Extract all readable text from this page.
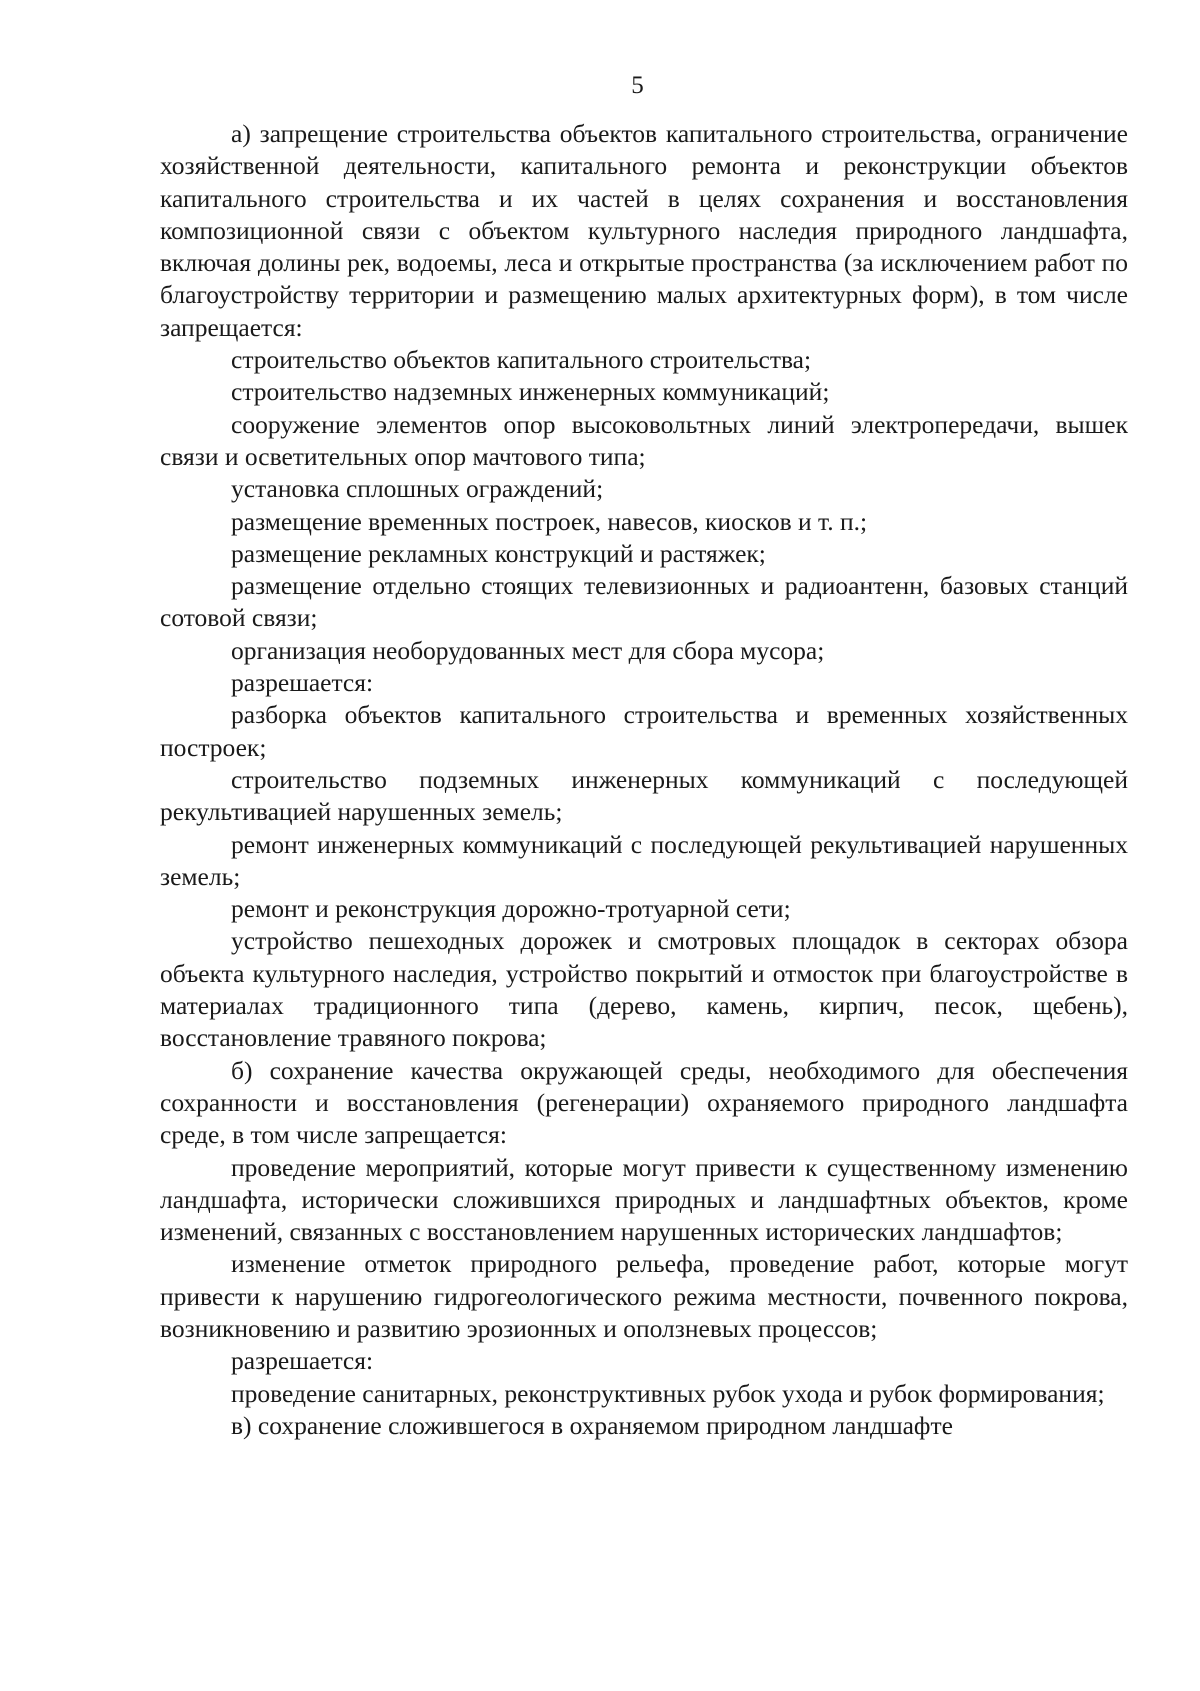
5

а) запрещение строительства объектов капитального строительства, ограничение хозяйственной деятельности, капитального ремонта и реконструкции объектов капитального строительства и их частей в целях сохранения и восстановления композиционной связи с объектом культурного наследия природного ландшафта, включая долины рек, водоемы, леса и открытые пространства (за исключением работ по благоустройству территории и размещению малых архитектурных форм), в том числе запрещается:

строительство объектов капитального строительства;

строительство надземных инженерных коммуникаций;

сооружение элементов опор высоковольтных линий электропередачи, вышек связи и осветительных опор мачтового типа;

установка сплошных ограждений;

размещение временных построек, навесов, киосков и т. п.;

размещение рекламных конструкций и растяжек;

размещение отдельно стоящих телевизионных и радиоантенн, базовых станций сотовой связи;

организация необорудованных мест для сбора мусора;

разрешается:

разборка объектов капитального строительства и временных хозяйственных построек;

строительство подземных инженерных коммуникаций с последующей рекультивацией нарушенных земель;

ремонт инженерных коммуникаций с последующей рекультивацией нарушенных земель;

ремонт и реконструкция дорожно-тротуарной сети;

устройство пешеходных дорожек и смотровых площадок в секторах обзора объекта культурного наследия, устройство покрытий и отмосток при благоустройстве в материалах традиционного типа (дерево, камень, кирпич, песок, щебень), восстановление травяного покрова;

б) сохранение качества окружающей среды, необходимого для обеспечения сохранности и восстановления (регенерации) охраняемого природного ландшафта среде, в том числе запрещается:

проведение мероприятий, которые могут привести к существенному изменению ландшафта, исторически сложившихся природных и ландшафтных объектов, кроме изменений, связанных с восстановлением нарушенных исторических ландшафтов;

изменение отметок природного рельефа, проведение работ, которые могут привести к нарушению гидрогеологического режима местности, почвенного покрова, возникновению и развитию эрозионных и оползневых процессов;

разрешается:

проведение санитарных, реконструктивных рубок ухода и рубок формирования;

в) сохранение сложившегося в охраняемом природном ландшафте
